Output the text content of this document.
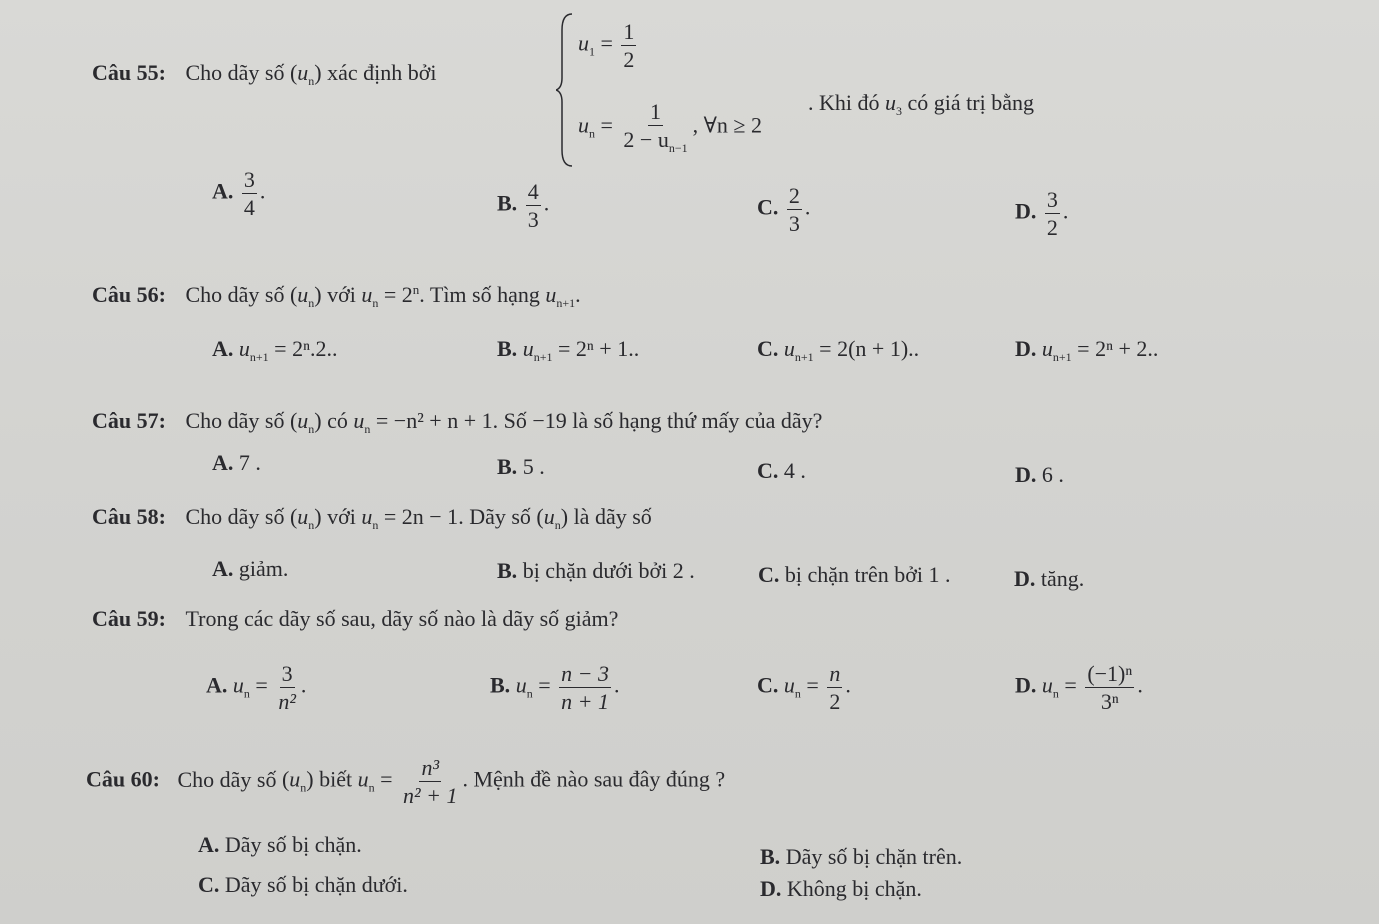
Câu 55: Cho dãy số $(u_n)$ xác định bởi
$u_1 = \frac{1}{2}$
$u_n = \frac{1}{2 - u_{n-1}}$ , ∀n ≥ 2
. Khi đó $u_3$ có giá trị bằng
A. $\frac{3}{4}$ .	B. $\frac{4}{3}$ .	C. $\frac{2}{3}$ .	D. $\frac{3}{2}$ .
Câu 56: Cho dãy số $(u_n)$ với $u_n = 2^n$. Tìm số hạng $u_{n+1}$.
A. $u_{n+1} = 2^n.2$..	B. $u_{n+1} = 2^n + 1$..	C. $u_{n+1} = 2(n + 1)$..	D. $u_{n+1} = 2^n + 2$..
Câu 57: Cho dãy số $(u_n)$ có $u_n = -n^2 + n + 1$. Số −19 là số hạng thứ mấy của dãy?
A. 7 .	B. 5 .	C. 4 .	D. 6 .
Câu 58: Cho dãy số $(u_n)$ với $u_n = 2n - 1$. Dãy số $(u_n)$ là dãy số
A. giảm.	B. bị chặn dưới bởi 2 .	C. bị chặn trên bởi 1 .	D. tăng.
Câu 59: Trong các dãy số sau, dãy số nào là dãy số giảm?
A. $u_n = \frac{3}{\text{n²}}$ .	B. $u_n = \frac{n - 3}{n + 1}$ .	C. $u_n = \frac{n}{2}$ .	D. $u_n = \frac{\text{(−1)ⁿ}}{\text{3ⁿ}}$ .
Câu 60: Cho dãy số $(u_n)$ biết $u_n = \frac{\text{n³}}{\text{n² + 1}}$ . Mệnh đề nào sau đây đúng ?
A. Dãy số bị chặn.	B. Dãy số bị chặn trên.
C. Dãy số bị chặn dưới.	D. Không bị chặn.
